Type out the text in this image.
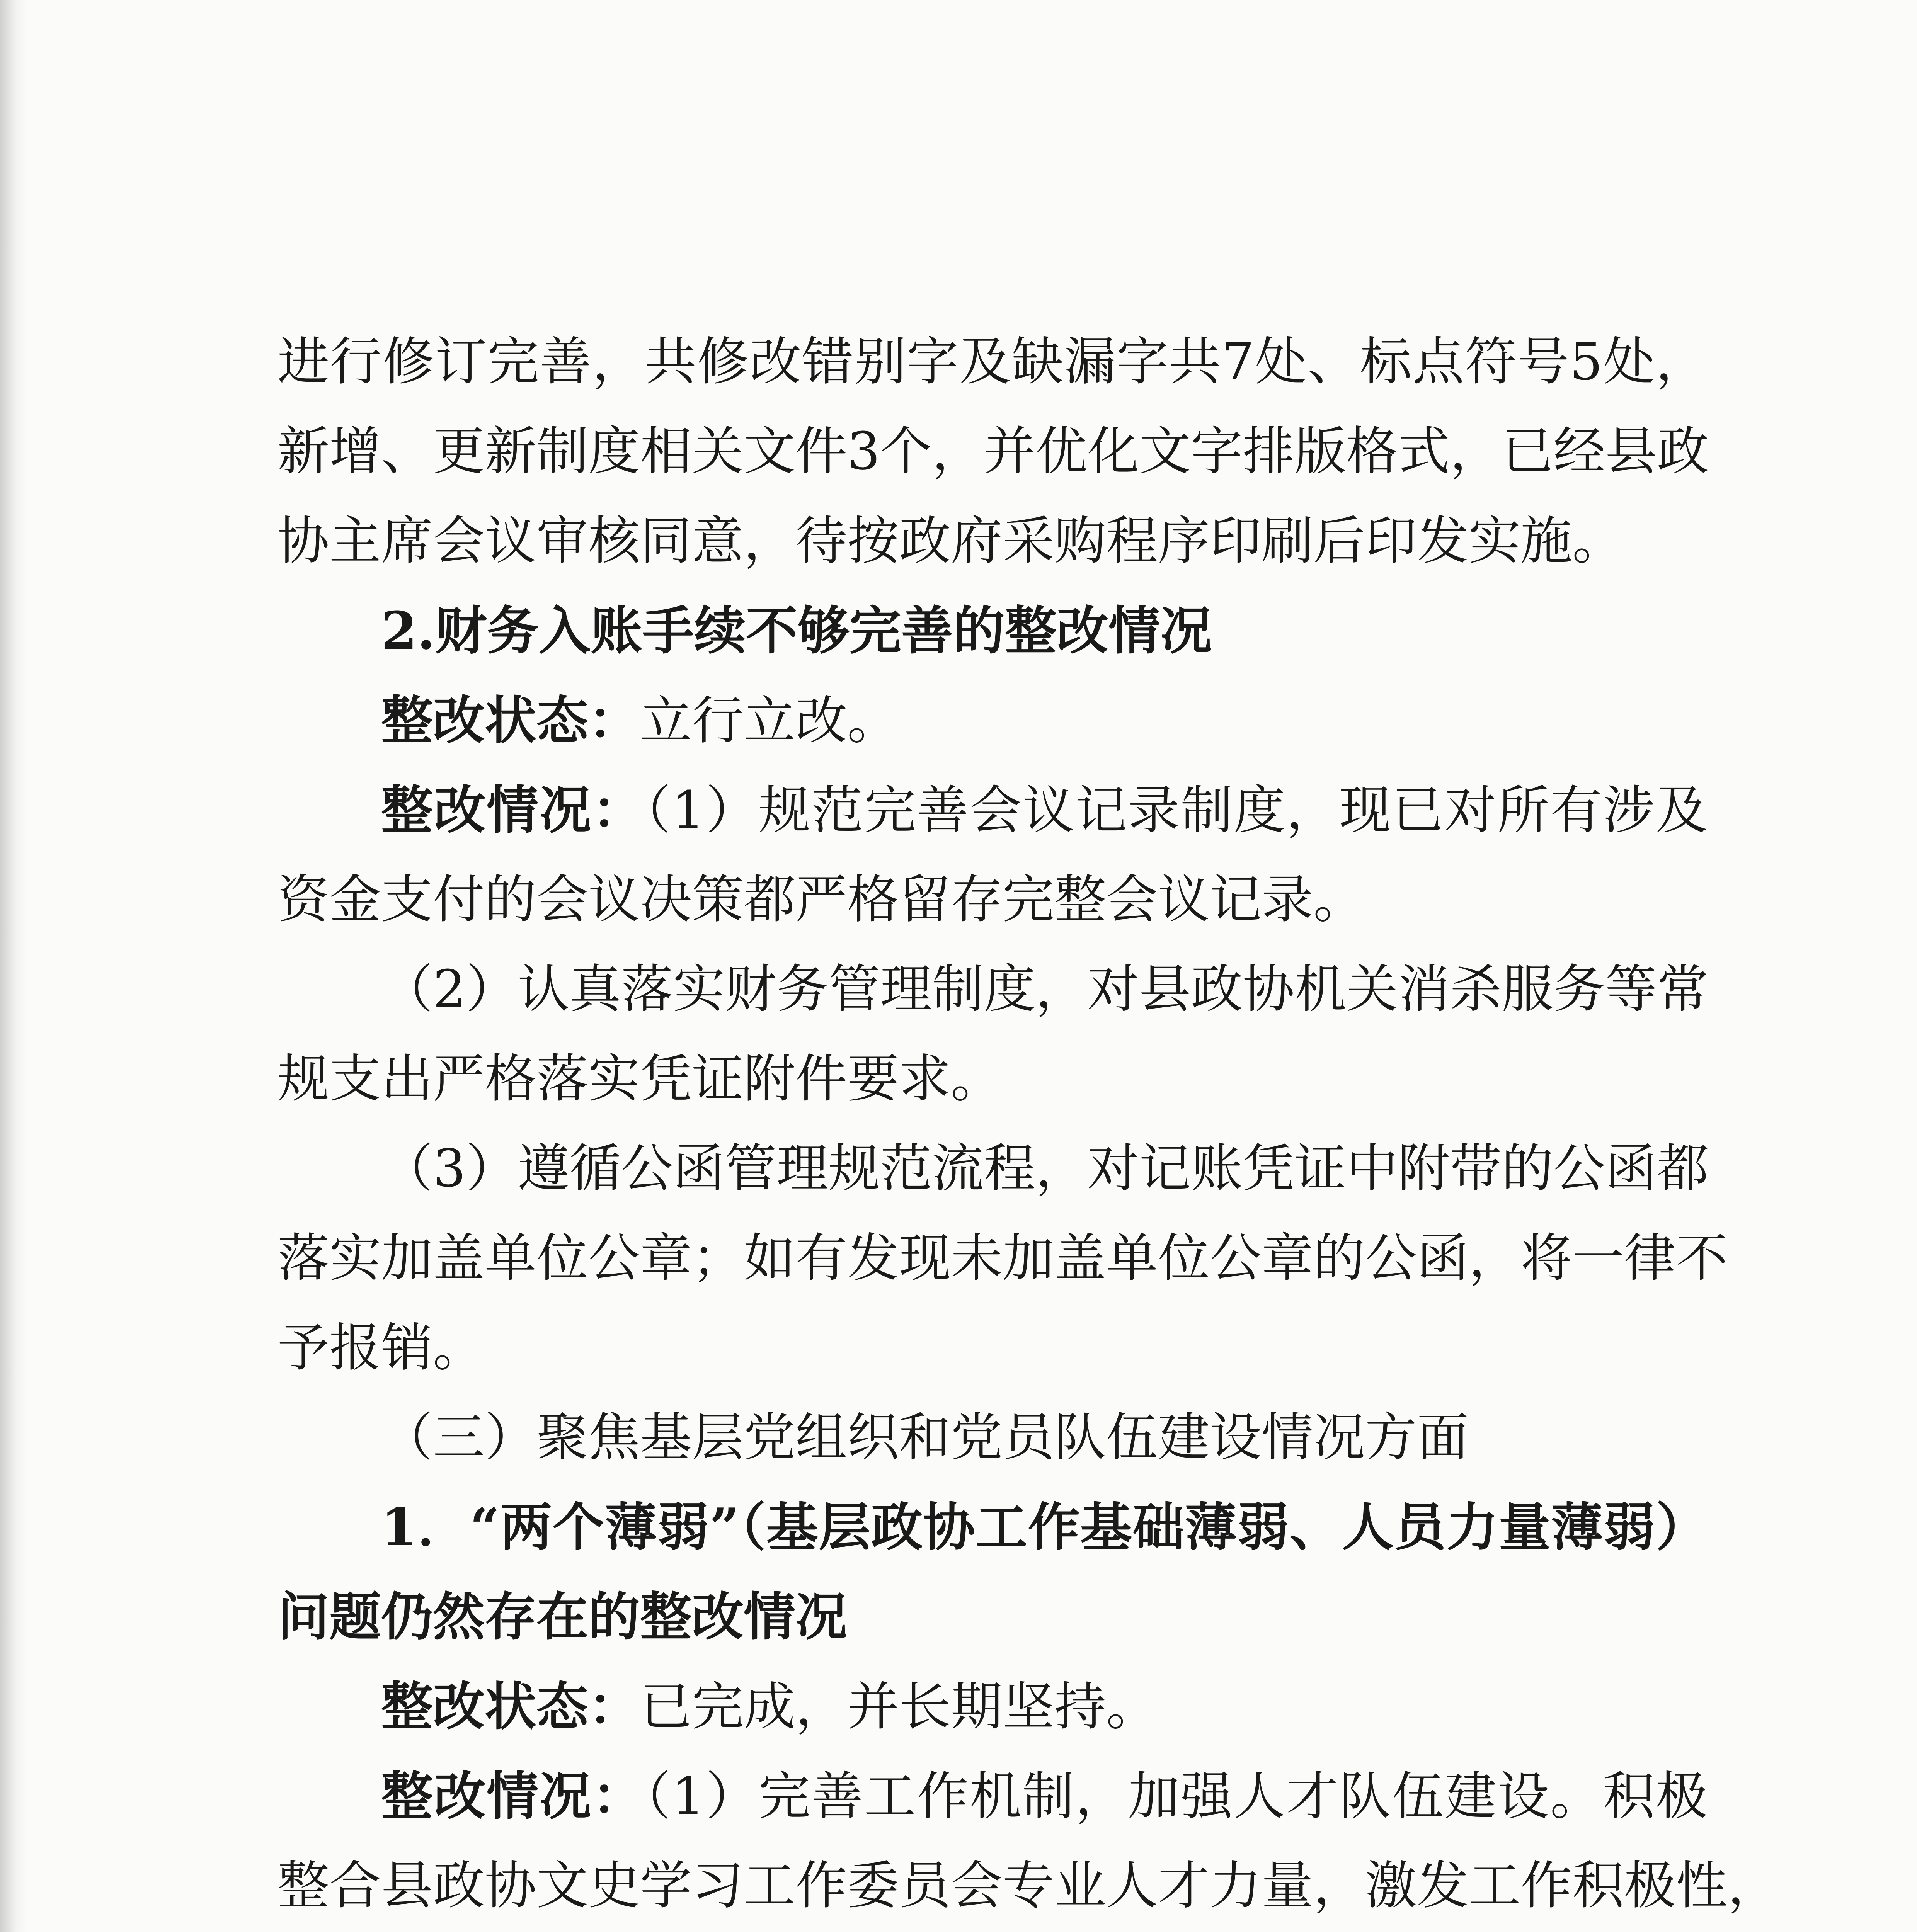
进行修订完善，共修改错别字及缺漏字共7处、标点符号5处，
新增、更新制度相关文件3个，并优化文字排版格式，已经县政
协主席会议审核同意，待按政府采购程序印刷后印发实施。
2.财务入账手续不够完善的整改情况
整改状态：立行立改。
整改情况：（1）规范完善会议记录制度，现已对所有涉及
资金支付的会议决策都严格留存完整会议记录。
（2）认真落实财务管理制度，对县政协机关消杀服务等常
规支出严格落实凭证附件要求。
（3）遵循公函管理规范流程，对记账凭证中附带的公函都
落实加盖单位公章；如有发现未加盖单位公章的公函，将一律不
予报销。
（三）聚焦基层党组织和党员队伍建设情况方面
1．“两个薄弱”（基层政协工作基础薄弱、人员力量薄弱）
问题仍然存在的整改情况
整改状态：已完成，并长期坚持。
整改情况：（1）完善工作机制，加强人才队伍建设。积极
整合县政协文史学习工作委员会专业人才力量，激发工作积极性，
